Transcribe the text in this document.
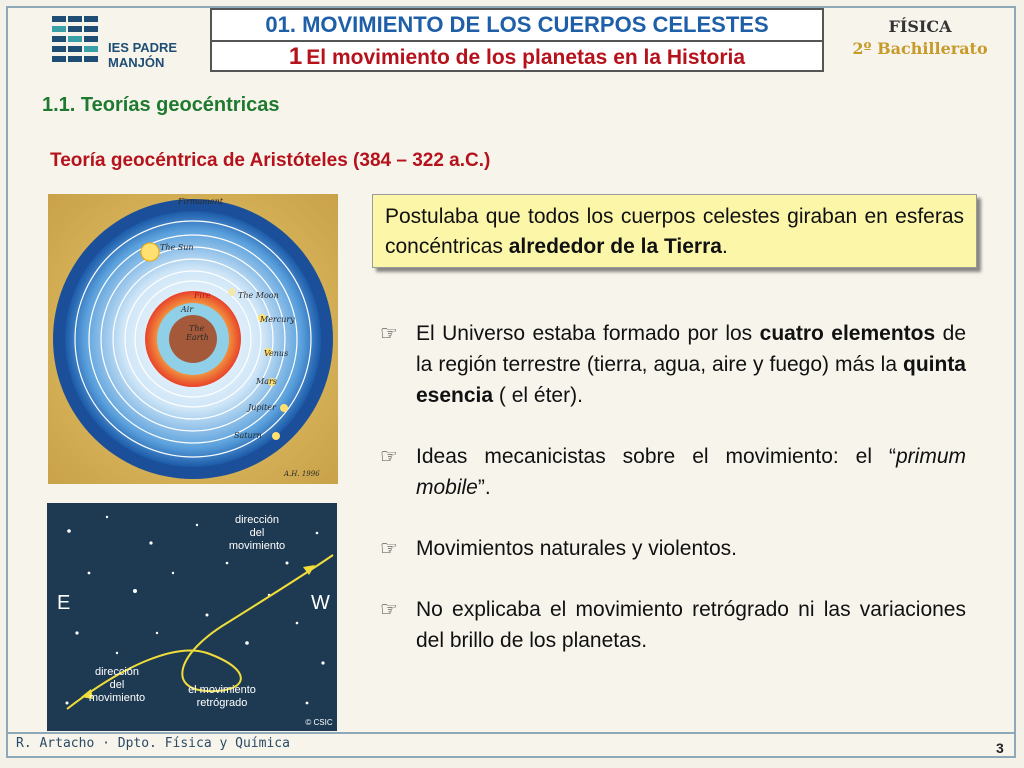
IES PADRE
MANJÓN
01. MOVIMIENTO DE LOS CUERPOS CELESTES
1 El movimiento de los planetas en la Historia
FÍSICA
2º Bachillerato
1.1. Teorías geocéntricas
Teoría geocéntrica de Aristóteles (384 – 322 a.C.)
Firmament
The Sun
Fire
Air
The
Earth
The Moon
Mercury
Venus
Mars
Jupiter
Saturn
A.H. 1996
dirección
del
movimiento
dirección
del
movimiento
el movimiento
retrógrado
© CSIC
E	W
Postulaba que todos los cuerpos celestes giraban en esferas concéntricas alrededor de la Tierra.
☞ El Universo estaba formado por los cuatro elementos de la región terrestre (tierra, agua, aire y fuego) más la quinta esencia ( el éter).
☞ Ideas mecanicistas sobre el movimiento: el “primum mobile”.
☞ Movimientos naturales y violentos.
☞ No explicaba el movimiento retrógrado ni las variaciones del brillo de los planetas.
R. Artacho · Dpto. Física y Química	3
